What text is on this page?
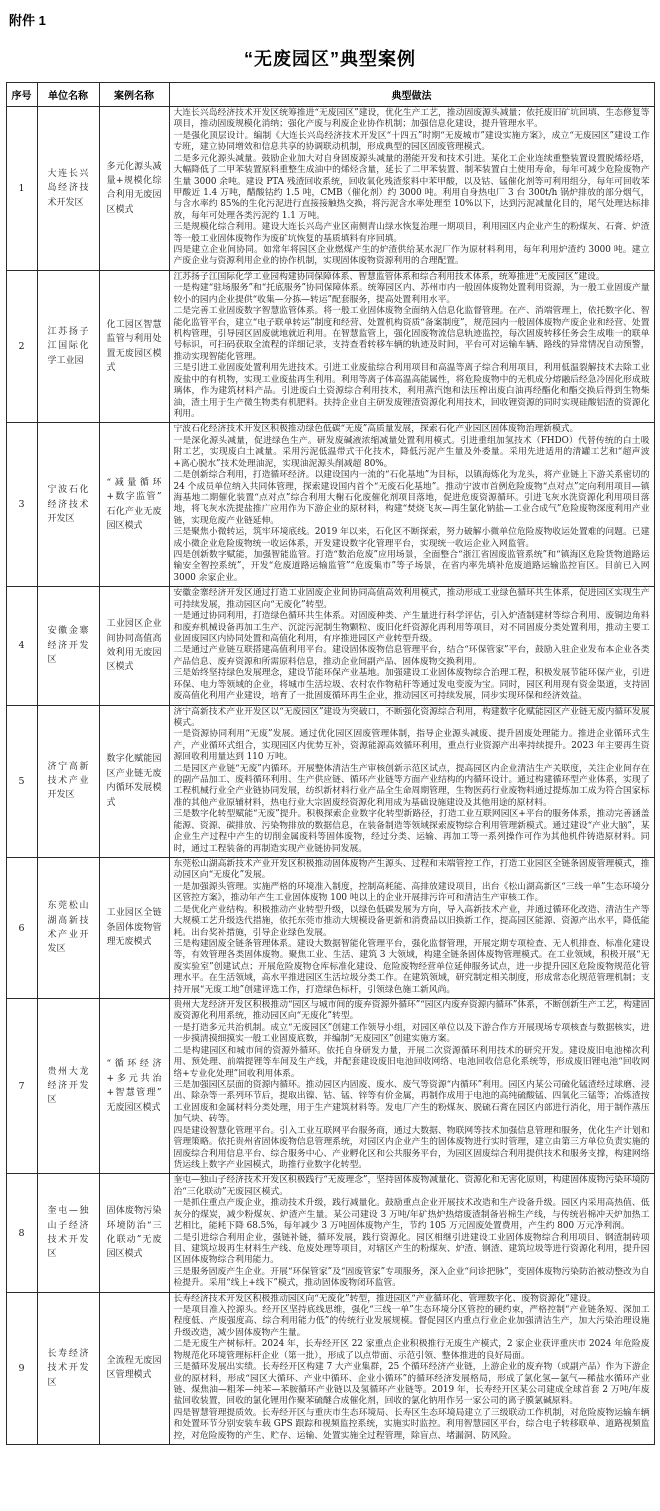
附件 1
“无废园区”典型案例
序号	单位名称	案例名称	典型做法
1	大连长兴岛经济技术开发区	多元化源头减量+规模化综合利用无废园区模式	大连长兴岛经济技术开发区统筹推进“无废园区”建设，优化生产工艺，推动固废源头减量；依托废旧矿坑回填、生态修复等项目，推动固废规模化消纳；强化产废与利废企业协作机制；加强信息化建设，提升管理水平。

一是强化顶层设计。编制《大连长兴岛经济技术开发区“十四五”时期“无废城市”建设实施方案》，成立“无废园区”建设工作专班，建立协同增效和信息共享的协调联动机制，形成典型的园区固废管理模式。

二是多元化源头减量。鼓励企业加大对自身固废源头减量的潜能开发和技术引进。某化工企业连续重整装置设置脱烯烃塔，大幅降低了二甲苯装置原料重整生成油中的烯烃含量，延长了二甲苯装置、制苯装置白土使用寿命，每年可减少危险废物产生量 3000 余吨。建设 PTA 残渣回收系统，回收氧化残渣浆料中苯甲酸，以及钴、锰催化剂等可利用组分，每年可回收苯甲酸近 1.4 万吨，醋酸钴约 1.5 吨，CMB（催化剂）约 3000 吨。利用自身热电厂 3 台 300t/h 锅炉排放的部分烟气，与含水率约 85%的生化污泥进行直接接触热交换，将污泥含水率处理至 10%以下，达到污泥减量化目的，尾气处理达标排放，每年可处理各类污泥约 1.1 万吨。

三是规模化综合利用。建设大连长兴岛产业区南侧青山绿水恢复治理一期项目，利用园区内企业产生的粉煤灰、石膏、炉渣等一般工业固体废物作为废矿坑恢复的基质填料有序回填。

四是建立企业间协同。如常年将园区企业燃煤产生的炉渣供给某水泥厂作为原材料利用，每年利用炉渣约 3000 吨。建立产废企业与资源利用企业的协作机制，实现固体废物资源利用的合理配置。

2	江苏扬子江国际化学工业园	化工园区智慧监管与利用处置无废园区模式	江苏扬子江国际化学工业园构建协同保障体系、智慧监管体系和综合利用技术体系，统筹推进“无废园区”建设。

一是构建“驻场服务”和“托底服务”协同保障体系。统筹园区内、苏州市内一般固体废物处置利用资源，为一般工业固废产量较小的园内企业提供“收集—分拣—转运”配套服务，提高处置利用水平。

二是完善工业固废数字智慧监管体系。将一般工业固体废物全面纳入信息化监督管理。在产、消端管理上，依托数字化、智能化监管平台，建立“电子联单转运”制度和经营、处置机构资质“备案制度”，规范园内一般固体废物产废企业和经营、处置机构管理，引导园区固废就地就近利用。在智慧监管上，强化固废物流信息轨迹监控，每次固废转移任务会生成唯一的联单号标识，可扫码获取全流程的详细记录，支持查看转移车辆的轨迹及时间，平台可对运输车辆、路线的异常情况自动预警，推动实现智能化管理。

三是引进工业固废处置利用先进技术。引进工业废盐综合利用项目和高温等离子综合利用项目，利用低温裂解技术去除工业废盐中的有机物，实现工业废盐再生利用。利用等离子体高温高能属性，将危险废物中的无机成分熔融后经急冷固化形成玻璃体，作为建筑材料产品。引进废白土资源综合利用技术，利用蒸汽饱和法压榨出废白油再经酯化和酯交换后得到生物柴油，渣土用于生产微生物类有机肥料。扶持企业自主研发废锂渣资源化利用技术，回收锂资源的同时实现硅酸铝渣的资源化利用。

3	宁波石化经济技术开发区	“减量循环+数字监管”石化产业无废园区模式	宁波石化经济技术开发区积极推动绿色低碳“无废”高质量发展，探索石化产业园区固体废物治理新模式。

一是深化源头减量，促进绿色生产。研发废碱液浓缩减量处置利用模式。引进重组加氢技术（FHDO）代替传统的白土吸附工艺，实现废白土减量。采用污泥低温带式干化技术，降低污泥产生量及外委量。采用先进适用的清罐工艺和“超声波+离心脱水”技术处理油泥，实现油泥源头削减超 80%。

二是创新综合利用，打造循环经济。以建设国内一流的“石化基地”为目标，以镇海炼化为龙头，将产业链上下游关系密切的 24 个成员单位纳入共同体管理，探索建设国内首个“无废石化基地”。推动宁波市首例危险废物“点对点”定向利用项目—镇海基地二期催化装置“点对点”综合利用大榭石化废催化剂项目落地，促进危废资源循环。引进飞灰水洗资源化利用项目落地，将飞灰水洗提盐推广应用作为下游企业的原材料，构建“焚烧飞灰—再生氯化钠盐—工业合成气”危险废物深度利用产业链，实现危废产业链延伸。

三是聚焦小微转运，筑牢环境底线。2019 年以来，石化区不断探索，努力破解小微单位危险废物收运处置难的问题。已建成小微企业危险废物统一收运体系，开发建设数字化管理平台，实现统一收运企业入网监管。

四是创新数字赋能，加强智能监管。打造“数治危废”应用场景，全面整合“浙江省固废监管系统”和“镇海区危险货物道路运输安全智控系统”，开发“危废道路运输监管”“危废集市”等子场景，在省内率先填补危废道路运输监控盲区。目前已入网 3000 余家企业。

4	安徽金寨经济开发区	工业园区企业间协同高值高效利用无废园区模式	安徽金寨经济开发区通过打造工业固废企业间协同高值高效利用模式，推动形成工业绿色循环共生体系，促进园区实现生产可持续发展，推动园区向“无废化”转型。

一是通过协同利用，打造绿色循环共生体系。对固废种类、产生量进行科学评估，引入炉渣制建材等综合利用、废铜边角料和废弃机械设备再加工生产、沉淀污泥制生物颗粒、废旧化纤资源化再利用等项目，对不同固废分类处置利用，推动主要工业固废园区内协同处置和高值化利用，有序推进园区产业转型升级。

二是通过产业链互联搭建高值利用平台。建设固体废物信息管理平台，结合“环保管家”平台，鼓励入驻企业发布本企业各类产品信息、废弃资源和所需原料信息，推动企业间副产品、固体废物交换利用。

三是始终坚持绿色发展理念，建设节能环保产业基地。加强建设工业固体废物综合治理工程，积极发展节能环保产业，引进环保、电力等领域的企业，将城市生活垃圾、农村农作物秸秆等通过发电变废为宝。同时，园区利用现有资金渠道，支持固废高值化利用产业建设，培育了一批固废循环再生企业，推动园区可持续发展，同步实现环保和经济效益。

5	济宁高新技术产业开发区	数字化赋能园区产业链无废内循环发展模式	济宁高新技术产业开发区以“无废园区”建设为突破口，不断强化资源综合利用，构建数字化赋能园区产业链无废内循环发展模式。

一是资源协同利用“无废”发展。通过优化园区固废管理体制，指导企业源头减废、提升固废处理能力。推进企业循环式生产，产业循环式组合，实现园区内优势互补，资源能源高效循环利用，重点行业资源产出率持续提升。2023 年主要再生资源回收利用量达到 110 万吨。

二是园区产业链“无废”内循环。开展整体清洁生产审核创新示范区试点，提高园区内企业清洁生产关联度，关注企业间存在的副产品加工、废料循环利用、生产供应链、循环产业链等方面产业结构的内循环设计。通过构建循环型产业体系，实现了工程机械行业全产业链协同发展，纺织新材料行业产品全生命周期管理，生物医药行业废物料通过提炼加工成为符合国家标准的其他产业原辅材料，热电行业大宗固废经资源化利用成为基础设施建设及其他用途的原材料。

三是数字化转型赋能“无废”提升。积极探索企业数字化转型新路径，打造工业互联网园区+平台的服务体系，推动完善涵盖能源、资源、碳排放、污染物排放的数据信息，在装备制造等领域探索废物综合利用管理新模式。通过建设“产业大脑”，某企业生产过程中产生的切削金属废料等固体废物，经过分类、运输、再加工等一系列操作可作为其他机件铸造原材料。同时，通过工程装备的再制造实现产业链协同发展。

6	东莞松山湖高新技术产业开发区	工业园区全链条固体废物管理无废模式	东莞松山湖高新技术产业开发区积极推动固体废物产生源头、过程和末端管控工作，打造工业园区全链条固废管理模式，推动园区向“无废化”发展。

一是加强源头管理。实施严格的环境准入制度，控制高耗能、高排放建设项目，出台《松山湖高新区“三线一单”生态环境分区管控方案》，推动年产生工业固体废物 100 吨以上的企业开展排污许可和清洁生产审核工作。

二是优化产业结构。积极推动产业转型升级，以绿色低碳发展为方向，导入高新技术产业，并通过循环化改造、清洁生产等大规模工艺升级迭代措施，依托东莞市推动大规模设备更新和消费品以旧换新工作，提高园区能源、资源产出水平，降低能耗。出台奖补措施，引导企业绿色发展。

三是构建固废全链条管理体系。建设大数据智能化管理平台，强化监督管理，开展定期专项检查、无人机排查、标准化建设等，有效管理各类固体废物。聚焦工业、生活、建筑 3 大领域，构建全链条固体废物管理模式。在工业领域，积极开展“无废实验室”创建试点；开展危险废物仓库标准化建设、危险废物经营单位延伸服务试点，进一步提升园区危险废物规范化管理水平。在生活领域，高水平推进园区生活垃圾分类工作。在建筑领域，研究制定相关制度，形成常态化规范管理机制；支持开展“无废工地”创建评选工作，打造绿色标杆，引领绿色施工新风尚。

7	贵州大龙经济开发区	“循环经济+多元共治+智慧管理”无废园区模式	贵州大龙经济开发区积极推动“园区与城市间的废弃资源外循环”“园区内废弃资源内循环”体系，不断创新生产工艺，构建固废资源化利用系统，推动园区向“无废化”转型。

一是打造多元共治机制。成立“无废园区”创建工作领导小组，对园区单位以及下游合作方开展现场专项核查与数据核实，进一步摸清摸细摸实一般工业固废底数，并编制“无废园区”创建实施方案。

二是构建园区和城市间的资源外循环。依托自身研发力量，开展二次资源循环利用技术的研究开发。建设废旧电池梯次利用、预处理、前端提锂等车间及生产线，并配套建设废旧电池回收网络、电池回收信息化系统等，形成废旧锂电池“回收网络+专业化处理”回收利用体系。

三是加强园区层面的资源内循环。推动园区内固废、废水、废气等资源“内循环”利用。园区内某公司硫化锰渣经过球磨、浸出、除杂等一系列环节后，提取出镍、钴、锰、锌等有价金属，再制作成用于电池的高纯硫酸锰、四氧化三锰等；冶炼渣按工业固废和金属材料分类处理，用于生产建筑材料等。发电厂产生的粉煤灰、脱硫石膏在园区内部进行消化，用于制作蒸压加气块、砖等。

四是建设智慧化管理平台。引入工业互联网平台服务商，通过大数据、物联网等技术加强信息管理和服务，优化生产计划和管理策略。依托贵州省固体废物信息管理系统，对园区内企业产生的固体废物进行实时管理，建立由第三方单位负责实施的固废综合利用信息平台、综合服务中心、产业孵化区和公共服务平台，为园区固废综合利用提供技术和服务支撑，构建网络货运线上数字产业园模式，助推行业数字化转型。

8	奎屯—独山子经济技术开发区	固体废物污染环境防治“三化联动”无废园区模式	奎屯—独山子经济技术开发区积极践行“无废理念”，坚持固体废物减量化、资源化和无害化原则，构建固体废物污染环境防治“三化联动”无废园区模式。

一是抓住重点产废企业，推动技术升级，践行减量化。鼓励重点企业开展技术改造和生产设备升级。园区内采用高热值、低灰分的煤炭，减少粉煤灰、炉渣产生量。某公司建设 3 万吨/年矿热炉热熔废渣制备岩棉生产线，与传统岩棉冲天炉加热工艺相比，能耗下降 68.5%，每年减少 3 万吨固体废物产生，节约 105 万元固废处置费用，产生约 800 万元净利润。

二是引进综合利用企业，强链补链，循环发展，践行资源化。园区相继引进建设工业固体废物综合利用项目、钢渣制砖项目、建筑垃圾再生材料生产线、危废处理等项目，对辖区产生的粉煤灰、炉渣、钢渣、建筑垃圾等进行资源化利用，提升园区固体废物综合利用能力。

三是服务固废产生企业。开展“环保管家”及“固废管家”专项服务，深入企业“问诊把脉”，变固体废物污染防治被动整改为自检提升。采用“线上+线下”模式，推动固体废物闭环监管。

9	长寿经济技术开发区	全流程无废园区管理模式	长寿经济技术开发区积极推动园区向“无废化”转型，推进园区“产业循环化、管理数字化、废物资源化”建设。

一是项目准入控源头。经开区坚持底线思维，强化“三线一单”生态环境分区管控的硬约束，严格控制“产业链条短、深加工程度低、产废强度高、综合利用能力低”的传统行业发展规模。督促园区内重点行业企业加强清洁生产，加大污染治理设施升级改造，减少固体废物产生量。

二是无废生产树标杆。2024 年，长寿经开区 22 家重点企业积极推行无废生产模式，2 家企业获评重庆市 2024 年危险废物规范化环境管理标杆企业（第一批），形成了以点带面、示范引领、整体推进的良好局面。

三是循环发展出实绩。长寿经开区构建 7 大产业集群，25 个循环经济产业链，上游企业的废弃物（或副产品）作为下游企业的原材料，形成“园区大循环、产业中循环、企业小循环”的循环经济发展格局，形成了氯化氢—氯气—稀盐水循环产业链、煤焦油—粗苯—纯苯—苯胺循环产业链以及氢循环产业链等。2019 年，长寿经开区某公司建成全球首套 2 万吨/年废盐回收装置，回收的氯化锂用作聚苯硫醚合成催化剂，回收的氯化钠用作另一家公司的离子膜氯碱原料。

四是智慧管理提质效。长寿经开区与重庆市生态环境局、长寿区生态环境局建立了三级联动工作机制，对危险废物运输车辆和处置环节分别安装车载 GPS 跟踪和视频监控系统，实施实时监控。利用智慧园区平台，综合电子转移联单、道路视频监控，对危险废物的产生、贮存、运输、处置实施全过程管理，除盲点、堵漏洞、防风险。
